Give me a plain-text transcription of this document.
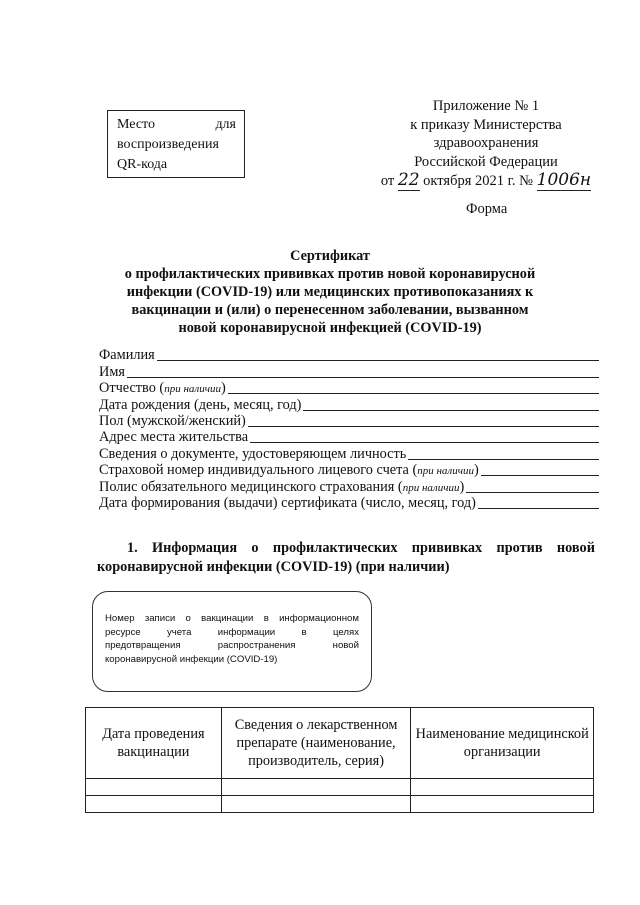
Место	для
воспроизведения
QR-кода
Приложение № 1
к приказу Министерства
здравоохранения
Российской Федерации
от 22 октября 2021 г. № 1006н
Форма
Сертификат
о профилактических прививках против новой коронавирусной
инфекции (COVID-19) или медицинских противопоказаниях к
вакцинации и (или) о перенесенном заболевании, вызванном
новой коронавирусной инфекцией (COVID-19)
Фамилия
Имя
Отчество (при наличии)
Дата рождения (день, месяц, год)
Пол (мужской/женский)
Адрес места жительства
Сведения о документе, удостоверяющем личность
Страховой номер индивидуального лицевого счета (при наличии)
Полис обязательного медицинского страхования (при наличии)
Дата формирования (выдачи) сертификата (число, месяц, год)
1. Информация о профилактических прививках против новой
коронавирусной инфекции (COVID-19) (при наличии)
Номер записи о вакцинации в информационном
ресурсе	учета	информации	в	целях
предотвращения	распространения	новой
коронавирусной инфекции (COVID-19)
Дата проведения вакцинации	Сведения о лекарственном препарате (наименование, производитель, серия)	Наименование медицинской организации
